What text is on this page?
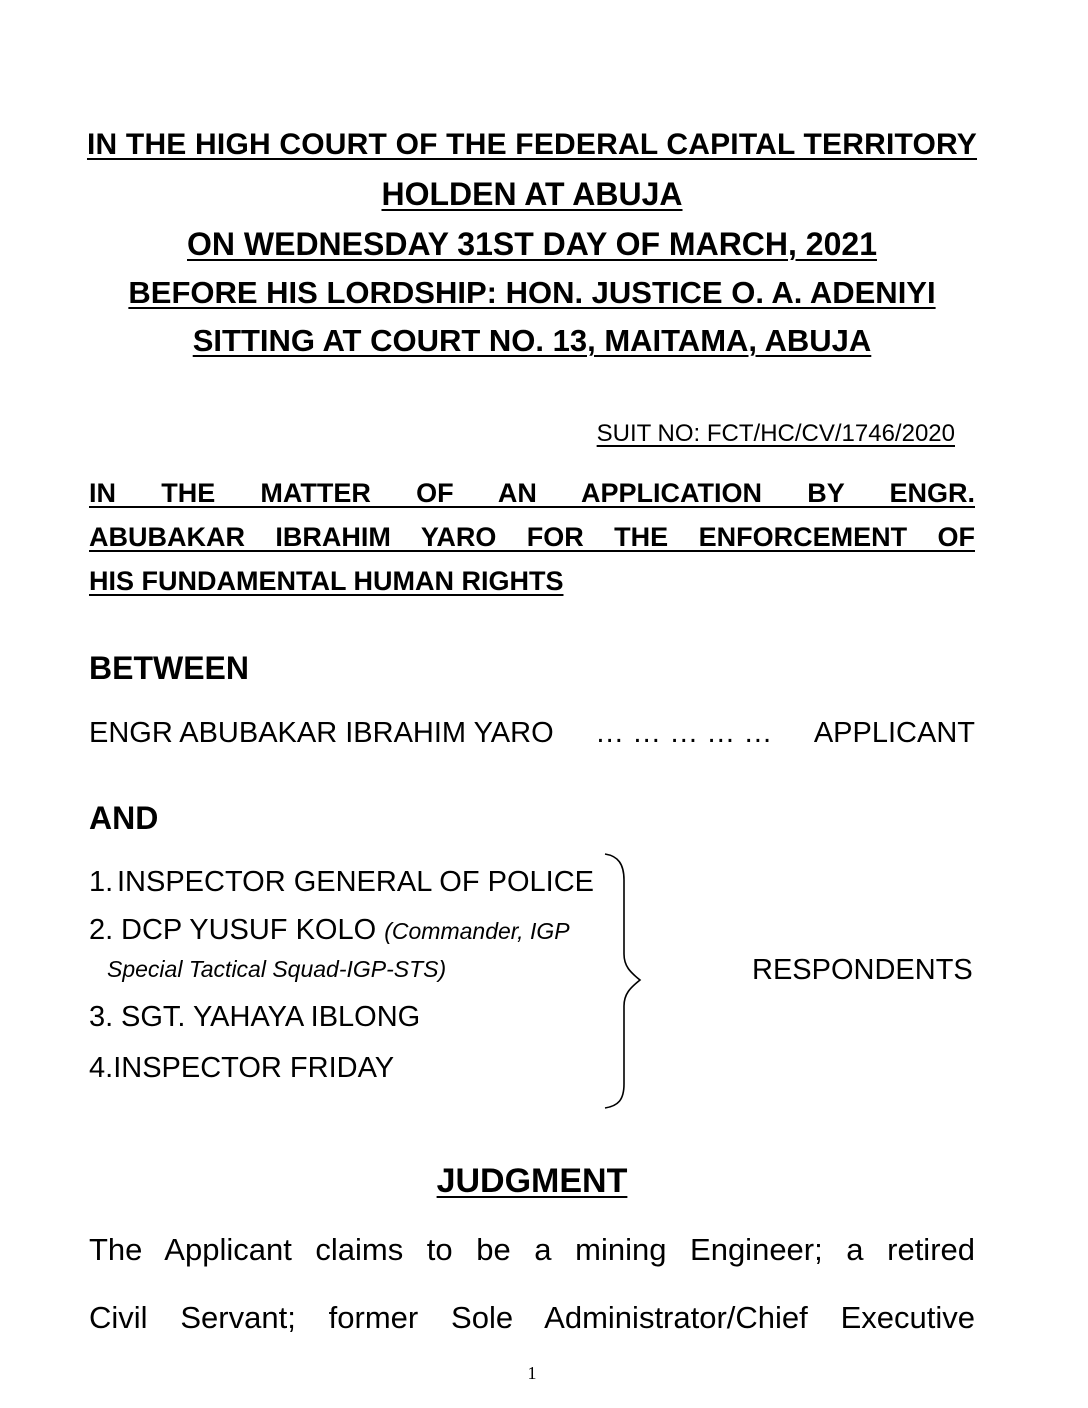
IN THE HIGH COURT OF THE FEDERAL CAPITAL TERRITORY
HOLDEN AT ABUJA
ON WEDNESDAY 31ST DAY OF MARCH, 2021
BEFORE HIS LORDSHIP: HON. JUSTICE O. A. ADENIYI
SITTING AT COURT NO. 13, MAITAMA, ABUJA
SUIT NO: FCT/HC/CV/1746/2020
IN THE MATTER OF AN APPLICATION BY ENGR.
ABUBAKAR IBRAHIM YARO FOR THE ENFORCEMENT OF
HIS FUNDAMENTAL HUMAN RIGHTS
BETWEEN
ENGR ABUBAKAR IBRAHIM YARO … … … … … APPLICANT
AND
1. INSPECTOR GENERAL OF POLICE
2. DCP YUSUF KOLO (Commander, IGP
Special Tactical Squad-IGP-STS)
3. SGT. YAHAYA IBLONG
4.INSPECTOR FRIDAY
RESPONDENTS
JUDGMENT
The Applicant claims to be a mining Engineer; a retired
Civil Servant; former Sole Administrator/Chief Executive
1
